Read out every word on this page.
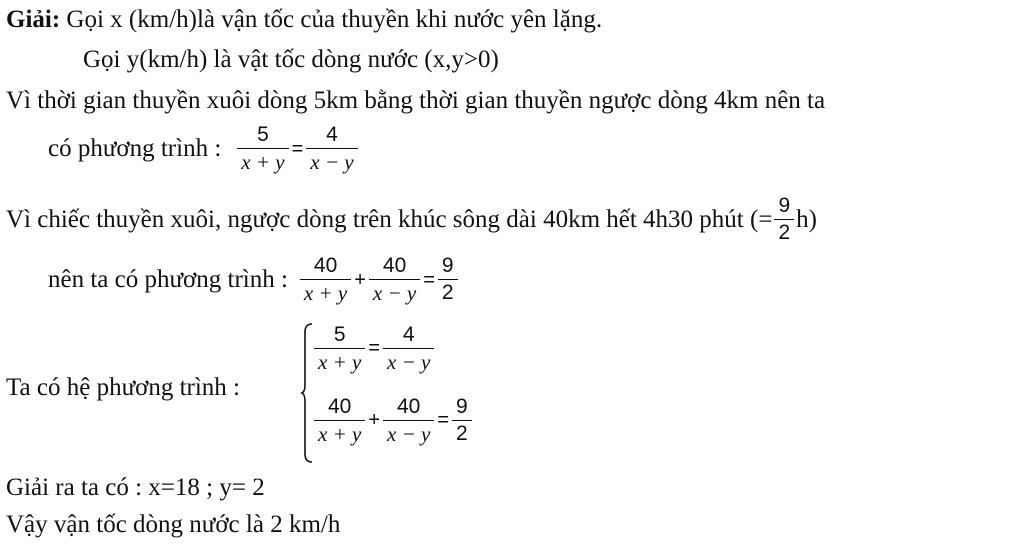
Giải: Gọi x (km/h)là vận tốc của thuyền khi nước yên lặng.
Gọi y(km/h) là vật tốc dòng nước (x,y>0)
Vì thời gian thuyền xuôi dòng 5km bằng thời gian thuyền ngược dòng 4km nên ta
có phương trình : $\frac{5}{x + y} = \frac{4}{x - y}$
Vì chiếc thuyền xuôi, ngược dòng trên khúc sông dài 40km hết 4h30 phút (= $\frac{9}{2} h$)
nên ta có phương trình : $\frac{40}{x + y} + \frac{40}{x - y} = \frac{9}{2}$
Ta có hệ phương trình :
$\frac{5}{x + y} = \frac{4}{x - y}$
$\frac{40}{x + y} + \frac{40}{x - y} = \frac{9}{2}$
Giải ra ta có : x=18 ; y= 2
Vậy vận tốc dòng nước là 2 km/h
